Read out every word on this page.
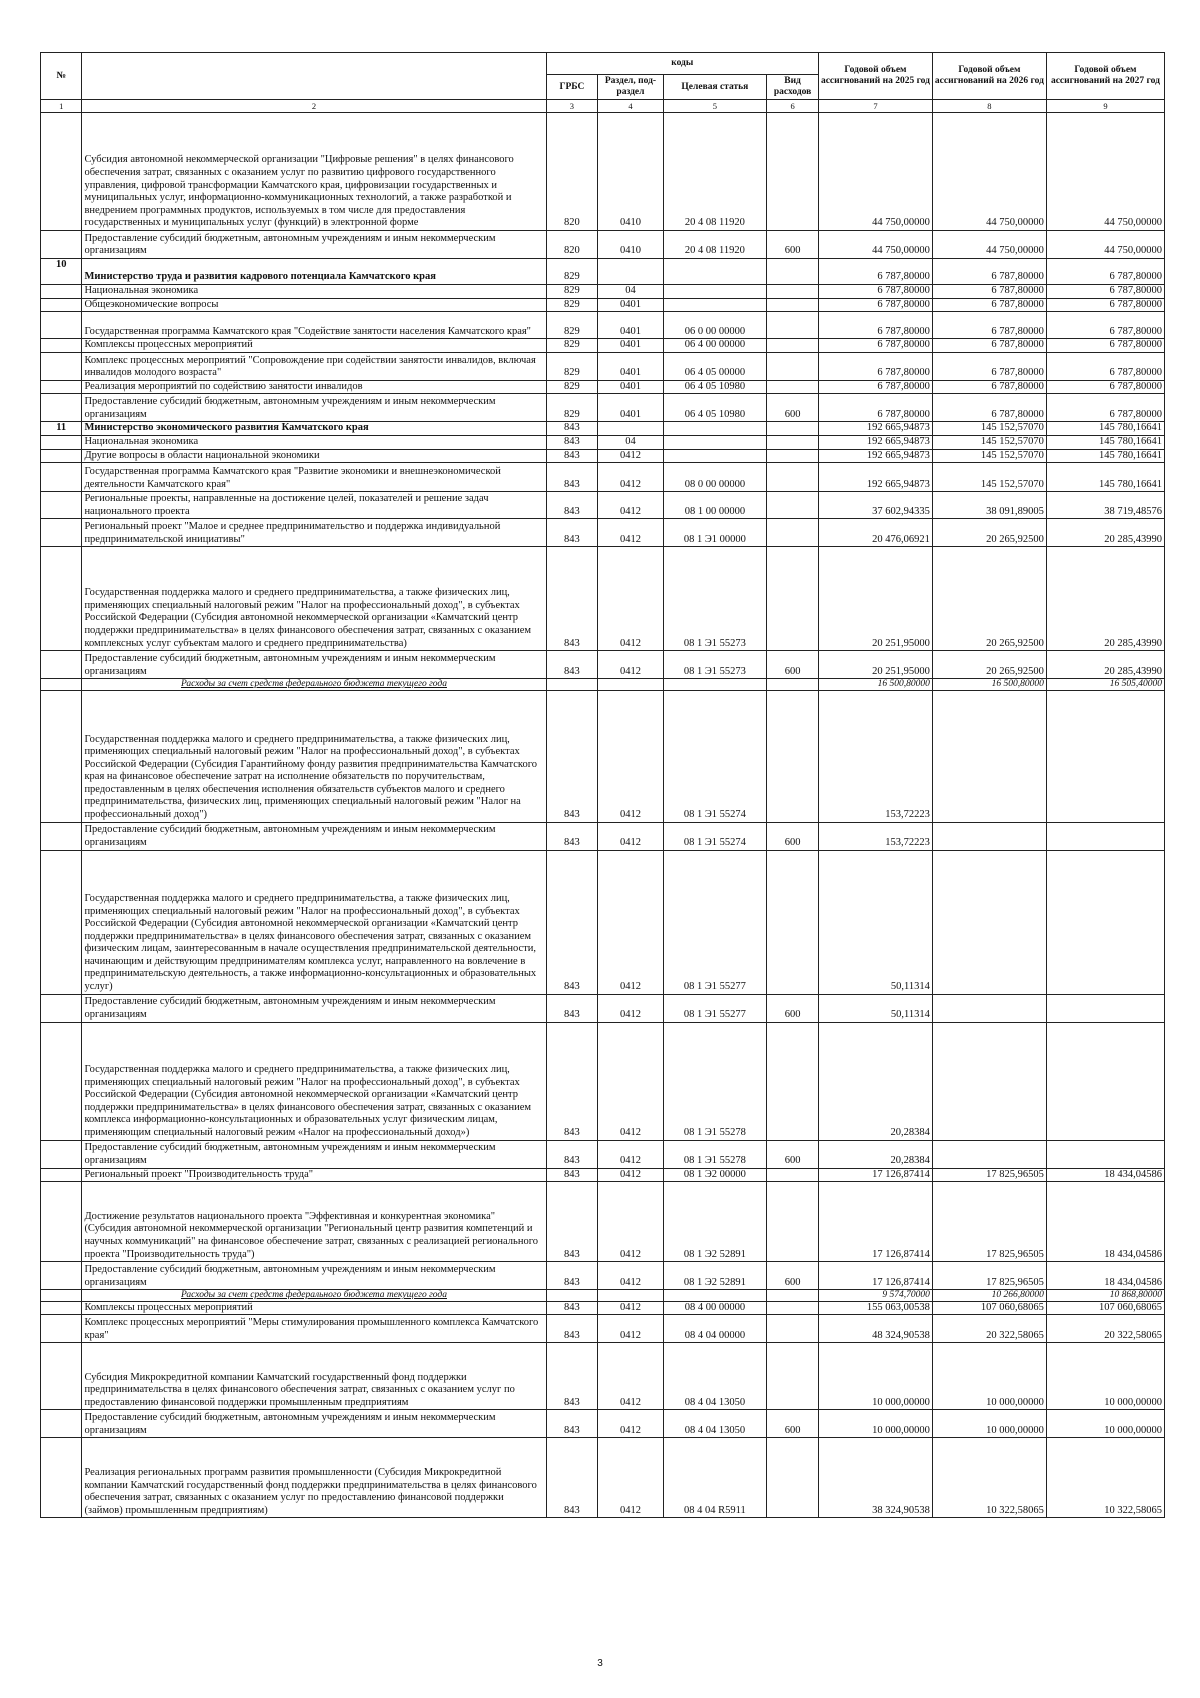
№		коды				Годовой объем ассигнований на 2025 год	Годовой объем ассигнований на 2026 год	Годовой объем ассигнований на 2027 год
		ГРБС	Раздел, под-раздел	Целевая статья	Вид расходов			
1	2	3	4	5	6	7	8	9
	Субсидия автономной некоммерческой организации "Цифровые решения" в целях финансового обеспечения затрат, связанных с оказанием услуг по развитию цифрового государственного управления, цифровой трансформации Камчатского края, цифровизации государственных и муниципальных услуг, информационно-коммуникационных технологий, а также разработкой и внедрением программных продуктов, используемых в том числе для предоставления государственных и муниципальных услуг (функций) в электронной форме	820	0410	20 4 08 11920		44 750,00000	44 750,00000	44 750,00000
	Предоставление субсидий бюджетным, автономным учреждениям и иным некоммерческим организациям	820	0410	20 4 08 11920	600	44 750,00000	44 750,00000	44 750,00000
10	Министерство труда и развития кадрового потенциала Камчатского края	829				6 787,80000	6 787,80000	6 787,80000
	Национальная экономика	829	04			6 787,80000	6 787,80000	6 787,80000
	Общеэкономические вопросы	829	0401			6 787,80000	6 787,80000	6 787,80000
	Государственная программа Камчатского края "Содействие занятости населения Камчатского края"	829	0401	06 0 00 00000		6 787,80000	6 787,80000	6 787,80000
	Комплексы процессных мероприятий	829	0401	06 4 00 00000		6 787,80000	6 787,80000	6 787,80000
	Комплекс процессных мероприятий "Сопровождение при содействии занятости инвалидов, включая инвалидов молодого возраста"	829	0401	06 4 05 00000		6 787,80000	6 787,80000	6 787,80000
	Реализация мероприятий по содействию занятости инвалидов	829	0401	06 4 05 10980		6 787,80000	6 787,80000	6 787,80000
	Предоставление субсидий бюджетным, автономным учреждениям и иным некоммерческим организациям	829	0401	06 4 05 10980	600	6 787,80000	6 787,80000	6 787,80000
11	Министерство экономического развития Камчатского края	843				192 665,94873	145 152,57070	145 780,16641
	Национальная экономика	843	04			192 665,94873	145 152,57070	145 780,16641
	Другие вопросы в области национальной экономики	843	0412			192 665,94873	145 152,57070	145 780,16641
	Государственная программа Камчатского края "Развитие экономики и внешнеэкономической деятельности Камчатского края"	843	0412	08 0 00 00000		192 665,94873	145 152,57070	145 780,16641
	Региональные проекты, направленные на достижение целей, показателей и решение задач национального проекта	843	0412	08 1 00 00000		37 602,94335	38 091,89005	38 719,48576
	Региональный проект "Малое и среднее предпринимательство и поддержка индивидуальной предпринимательской инициативы"	843	0412	08 1 Э1 00000		20 476,06921	20 265,92500	20 285,43990
	Государственная поддержка малого и среднего предпринимательства, а также физических лиц, применяющих специальный налоговый режим "Налог на профессиональный доход", в субъектах Российской Федерации (Субсидия автономной некоммерческой организации «Камчатский центр поддержки предпринимательства» в целях финансового обеспечения затрат, связанных с оказанием комплексных услуг субъектам малого и среднего предпринимательства)	843	0412	08 1 Э1 55273		20 251,95000	20 265,92500	20 285,43990
	Предоставление субсидий бюджетным, автономным учреждениям и иным некоммерческим организациям	843	0412	08 1 Э1 55273	600	20 251,95000	20 265,92500	20 285,43990
	Расходы за счет средств федерального бюджета текущего года					16 500,80000	16 500,80000	16 505,40000
	Государственная поддержка малого и среднего предпринимательства, а также физических лиц, применяющих специальный налоговый режим "Налог на профессиональный доход", в субъектах Российской Федерации (Субсидия Гарантийному фонду развития предпринимательства Камчатского края на финансовое обеспечение затрат на исполнение обязательств по поручительствам, предоставленным в целях обеспечения исполнения обязательств субъектов малого и среднего предпринимательства, физических лиц, применяющих специальный налоговый режим "Налог на профессиональный доход")	843	0412	08 1 Э1 55274		153,72223		
	Предоставление субсидий бюджетным, автономным учреждениям и иным некоммерческим организациям	843	0412	08 1 Э1 55274	600	153,72223		
	Государственная поддержка малого и среднего предпринимательства, а также физических лиц, применяющих специальный налоговый режим "Налог на профессиональный доход", в субъектах Российской Федерации (Субсидия автономной некоммерческой организации «Камчатский центр поддержки предпринимательства» в целях финансового обеспечения затрат, связанных с оказанием физическим лицам, заинтересованным в начале осуществления предпринимательской деятельности, начинающим и действующим предпринимателям комплекса услуг, направленного на вовлечение в предпринимательскую деятельность, а также информационно-консультационных и образовательных услуг)	843	0412	08 1 Э1 55277		50,11314		
	Предоставление субсидий бюджетным, автономным учреждениям и иным некоммерческим организациям	843	0412	08 1 Э1 55277	600	50,11314		
	Государственная поддержка малого и среднего предпринимательства, а также физических лиц, применяющих специальный налоговый режим "Налог на профессиональный доход", в субъектах Российской Федерации (Субсидия автономной некоммерческой организации «Камчатский центр поддержки предпринимательства» в целях финансового обеспечения затрат, связанных с оказанием комплекса информационно-консультационных и образовательных услуг физическим лицам, применяющим специальный налоговый режим «Налог на профессиональный доход»)	843	0412	08 1 Э1 55278		20,28384		
	Предоставление субсидий бюджетным, автономным учреждениям и иным некоммерческим организациям	843	0412	08 1 Э1 55278	600	20,28384		
	Региональный проект "Производительность труда"	843	0412	08 1 Э2 00000		17 126,87414	17 825,96505	18 434,04586
	Достижение результатов национального проекта "Эффективная и конкурентная экономика" (Субсидия автономной некоммерческой организации "Региональный центр развития компетенций и научных коммуникаций" на финансовое обеспечение затрат, связанных с реализацией регионального проекта "Производительность труда")	843	0412	08 1 Э2 52891		17 126,87414	17 825,96505	18 434,04586
	Предоставление субсидий бюджетным, автономным учреждениям и иным некоммерческим организациям	843	0412	08 1 Э2 52891	600	17 126,87414	17 825,96505	18 434,04586
	Расходы за счет средств федерального бюджета текущего года					9 574,70000	10 266,80000	10 868,80000
	Комплексы процессных мероприятий	843	0412	08 4 00 00000		155 063,00538	107 060,68065	107 060,68065
	Комплекс процессных мероприятий "Меры стимулирования промышленного комплекса Камчатского края"	843	0412	08 4 04 00000		48 324,90538	20 322,58065	20 322,58065
	Субсидия Микрокредитной компании Камчатский государственный фонд поддержки предпринимательства в целях финансового обеспечения затрат, связанных с оказанием услуг по предоставлению финансовой поддержки промышленным предприятиям	843	0412	08 4 04 13050		10 000,00000	10 000,00000	10 000,00000
	Предоставление субсидий бюджетным, автономным учреждениям и иным некоммерческим организациям	843	0412	08 4 04 13050	600	10 000,00000	10 000,00000	10 000,00000
	Реализация региональных программ развития промышленности (Субсидия Микрокредитной компании Камчатский государственный фонд поддержки предпринимательства в целях финансового обеспечения затрат, связанных с оказанием услуг по предоставлению финансовой поддержки (займов) промышленным предприятиям)	843	0412	08 4 04 R5911		38 324,90538	10 322,58065	10 322,58065
3
